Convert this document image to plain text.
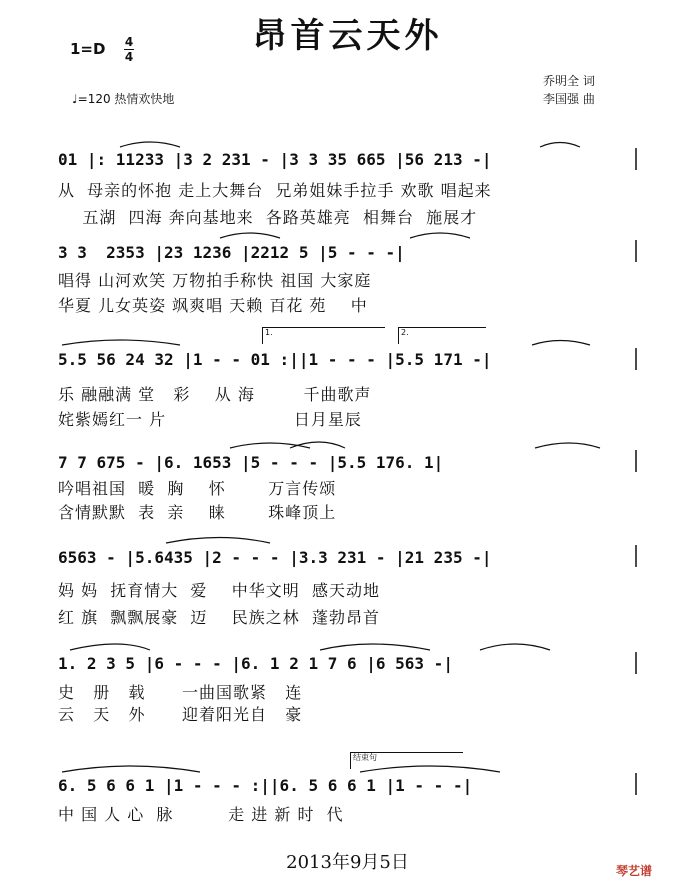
昂首云天外
1=D 4
4
♩=120 热情欢快地
乔明全 词
李国强 曲
01 |: 11233 |3 2 231 - |3 3 35 665 |56 213 -|
从  母亲的怀抱 走上大舞台  兄弟姐妹手拉手 欢歌 唱起来
五湖  四海 奔向基地来  各路英雄亮  相舞台  施展才
3 3  2353 |23 1236 |2212 5 |5 - - -|
唱得 山河欢笑 万物拍手称快 祖国 大家庭
华夏 儿女英姿 飒爽唱 天赖 百花 苑    中
1.	2.
5.5 56 24 32 |1 - - 01 :||1 - - - |5.5 171 -|
乐 融融满 堂   彩    从 海        千曲歌声
姹紫嫣红一 片                     日月星辰
7 7 675 - |6. 1653 |5 - - - |5.5 176. 1|
吟唱祖国  暖  胸    怀       万言传颂
含情默默  表  亲    睐       珠峰顶上
6563 - |5.6435 |2 - - - |3.3 231 - |21 235 -|
妈 妈  抚育情大  爱    中华文明  感天动地
红 旗  飘飘展豪  迈    民族之林  蓬勃昂首
1. 2 3 5 |6 - - - |6. 1 2 1 7 6 |6 563 -|
史   册   载      一曲国歌紧   连
云   天   外      迎着阳光自   豪
结束句
6. 5 6 6 1 |1 - - - :||6. 5 6 6 1 |1 - - -|
中 国 人 心  脉         走 进 新 时  代
2013年9月5日	琴艺谱
